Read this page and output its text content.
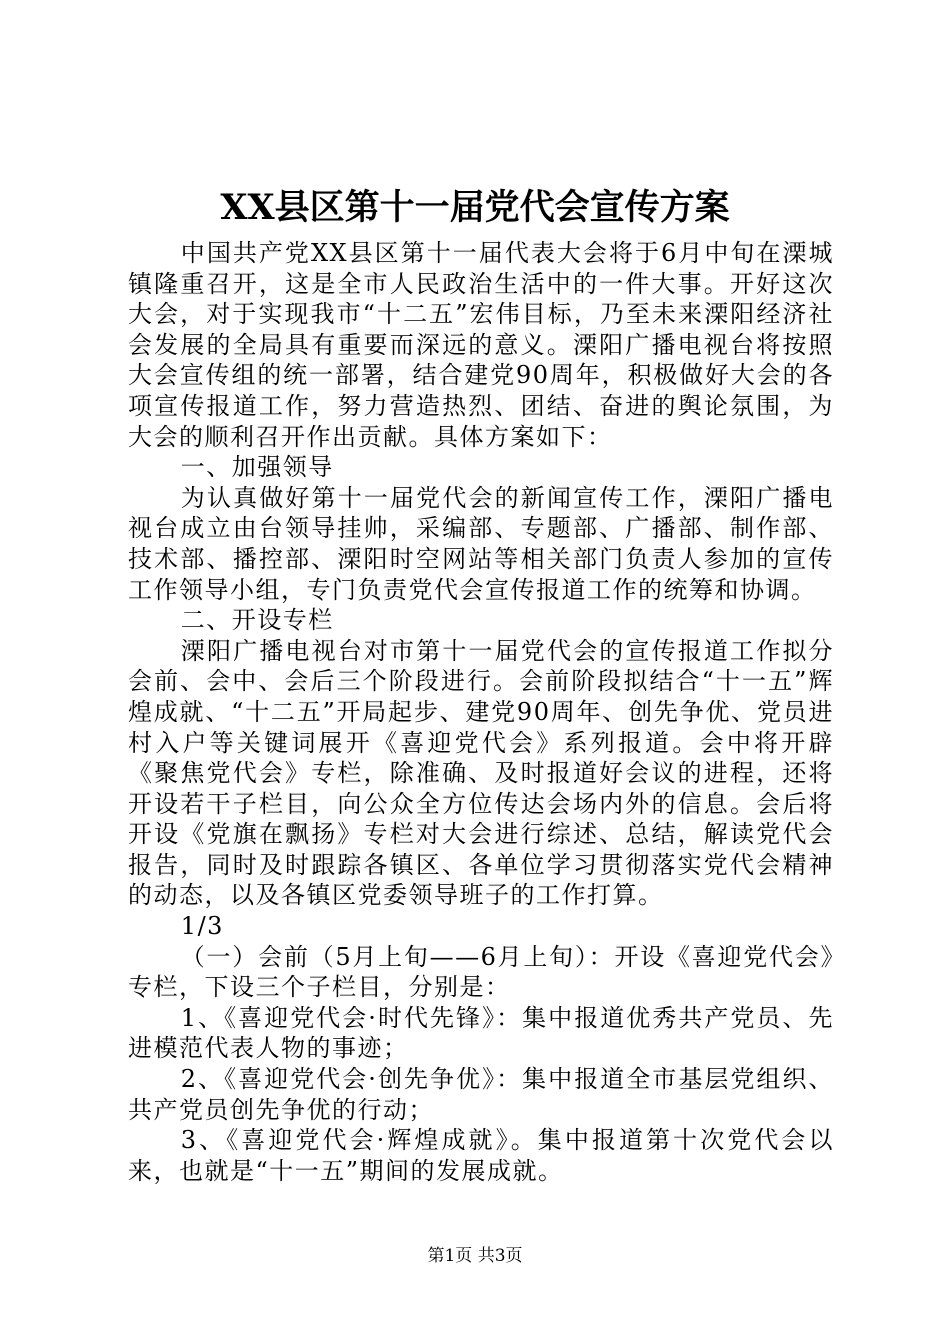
XX县区第十一届党代会宣传方案

中国共产党XX县区第十一届代表大会将于6月中旬在溧城镇隆重召开，这是全市人民政治生活中的一件大事。开好这次大会，对于实现我市“十二五”宏伟目标，乃至未来溧阳经济社会发展的全局具有重要而深远的意义。溧阳广播电视台将按照大会宣传组的统一部署，结合建党90周年，积极做好大会的各项宣传报道工作，努力营造热烈、团结、奋进的舆论氛围，为大会的顺利召开作出贡献。具体方案如下：

一、加强领导

为认真做好第十一届党代会的新闻宣传工作，溧阳广播电视台成立由台领导挂帅，采编部、专题部、广播部、制作部、技术部、播控部、溧阳时空网站等相关部门负责人参加的宣传工作领导小组，专门负责党代会宣传报道工作的统筹和协调。

二、开设专栏

溧阳广播电视台对市第十一届党代会的宣传报道工作拟分会前、会中、会后三个阶段进行。会前阶段拟结合“十一五”辉煌成就、“十二五”开局起步、建党90周年、创先争优、党员进村入户等关键词展开《喜迎党代会》系列报道。会中将开辟《聚焦党代会》专栏，除准确、及时报道好会议的进程，还将开设若干子栏目，向公众全方位传达会场内外的信息。会后将开设《党旗在飘扬》专栏对大会进行综述、总结，解读党代会报告，同时及时跟踪各镇区、各单位学习贯彻落实党代会精神的动态，以及各镇区党委领导班子的工作打算。

1/3

（一）会前（5月上旬——6月上旬）：开设《喜迎党代会》专栏，下设三个子栏目，分别是：

1、《喜迎党代会·时代先锋》：集中报道优秀共产党员、先进模范代表人物的事迹；

2、《喜迎党代会·创先争优》：集中报道全市基层党组织、共产党员创先争优的行动；

3、《喜迎党代会·辉煌成就》。集中报道第十次党代会以来，也就是“十一五”期间的发展成就。

第1页 共3页
